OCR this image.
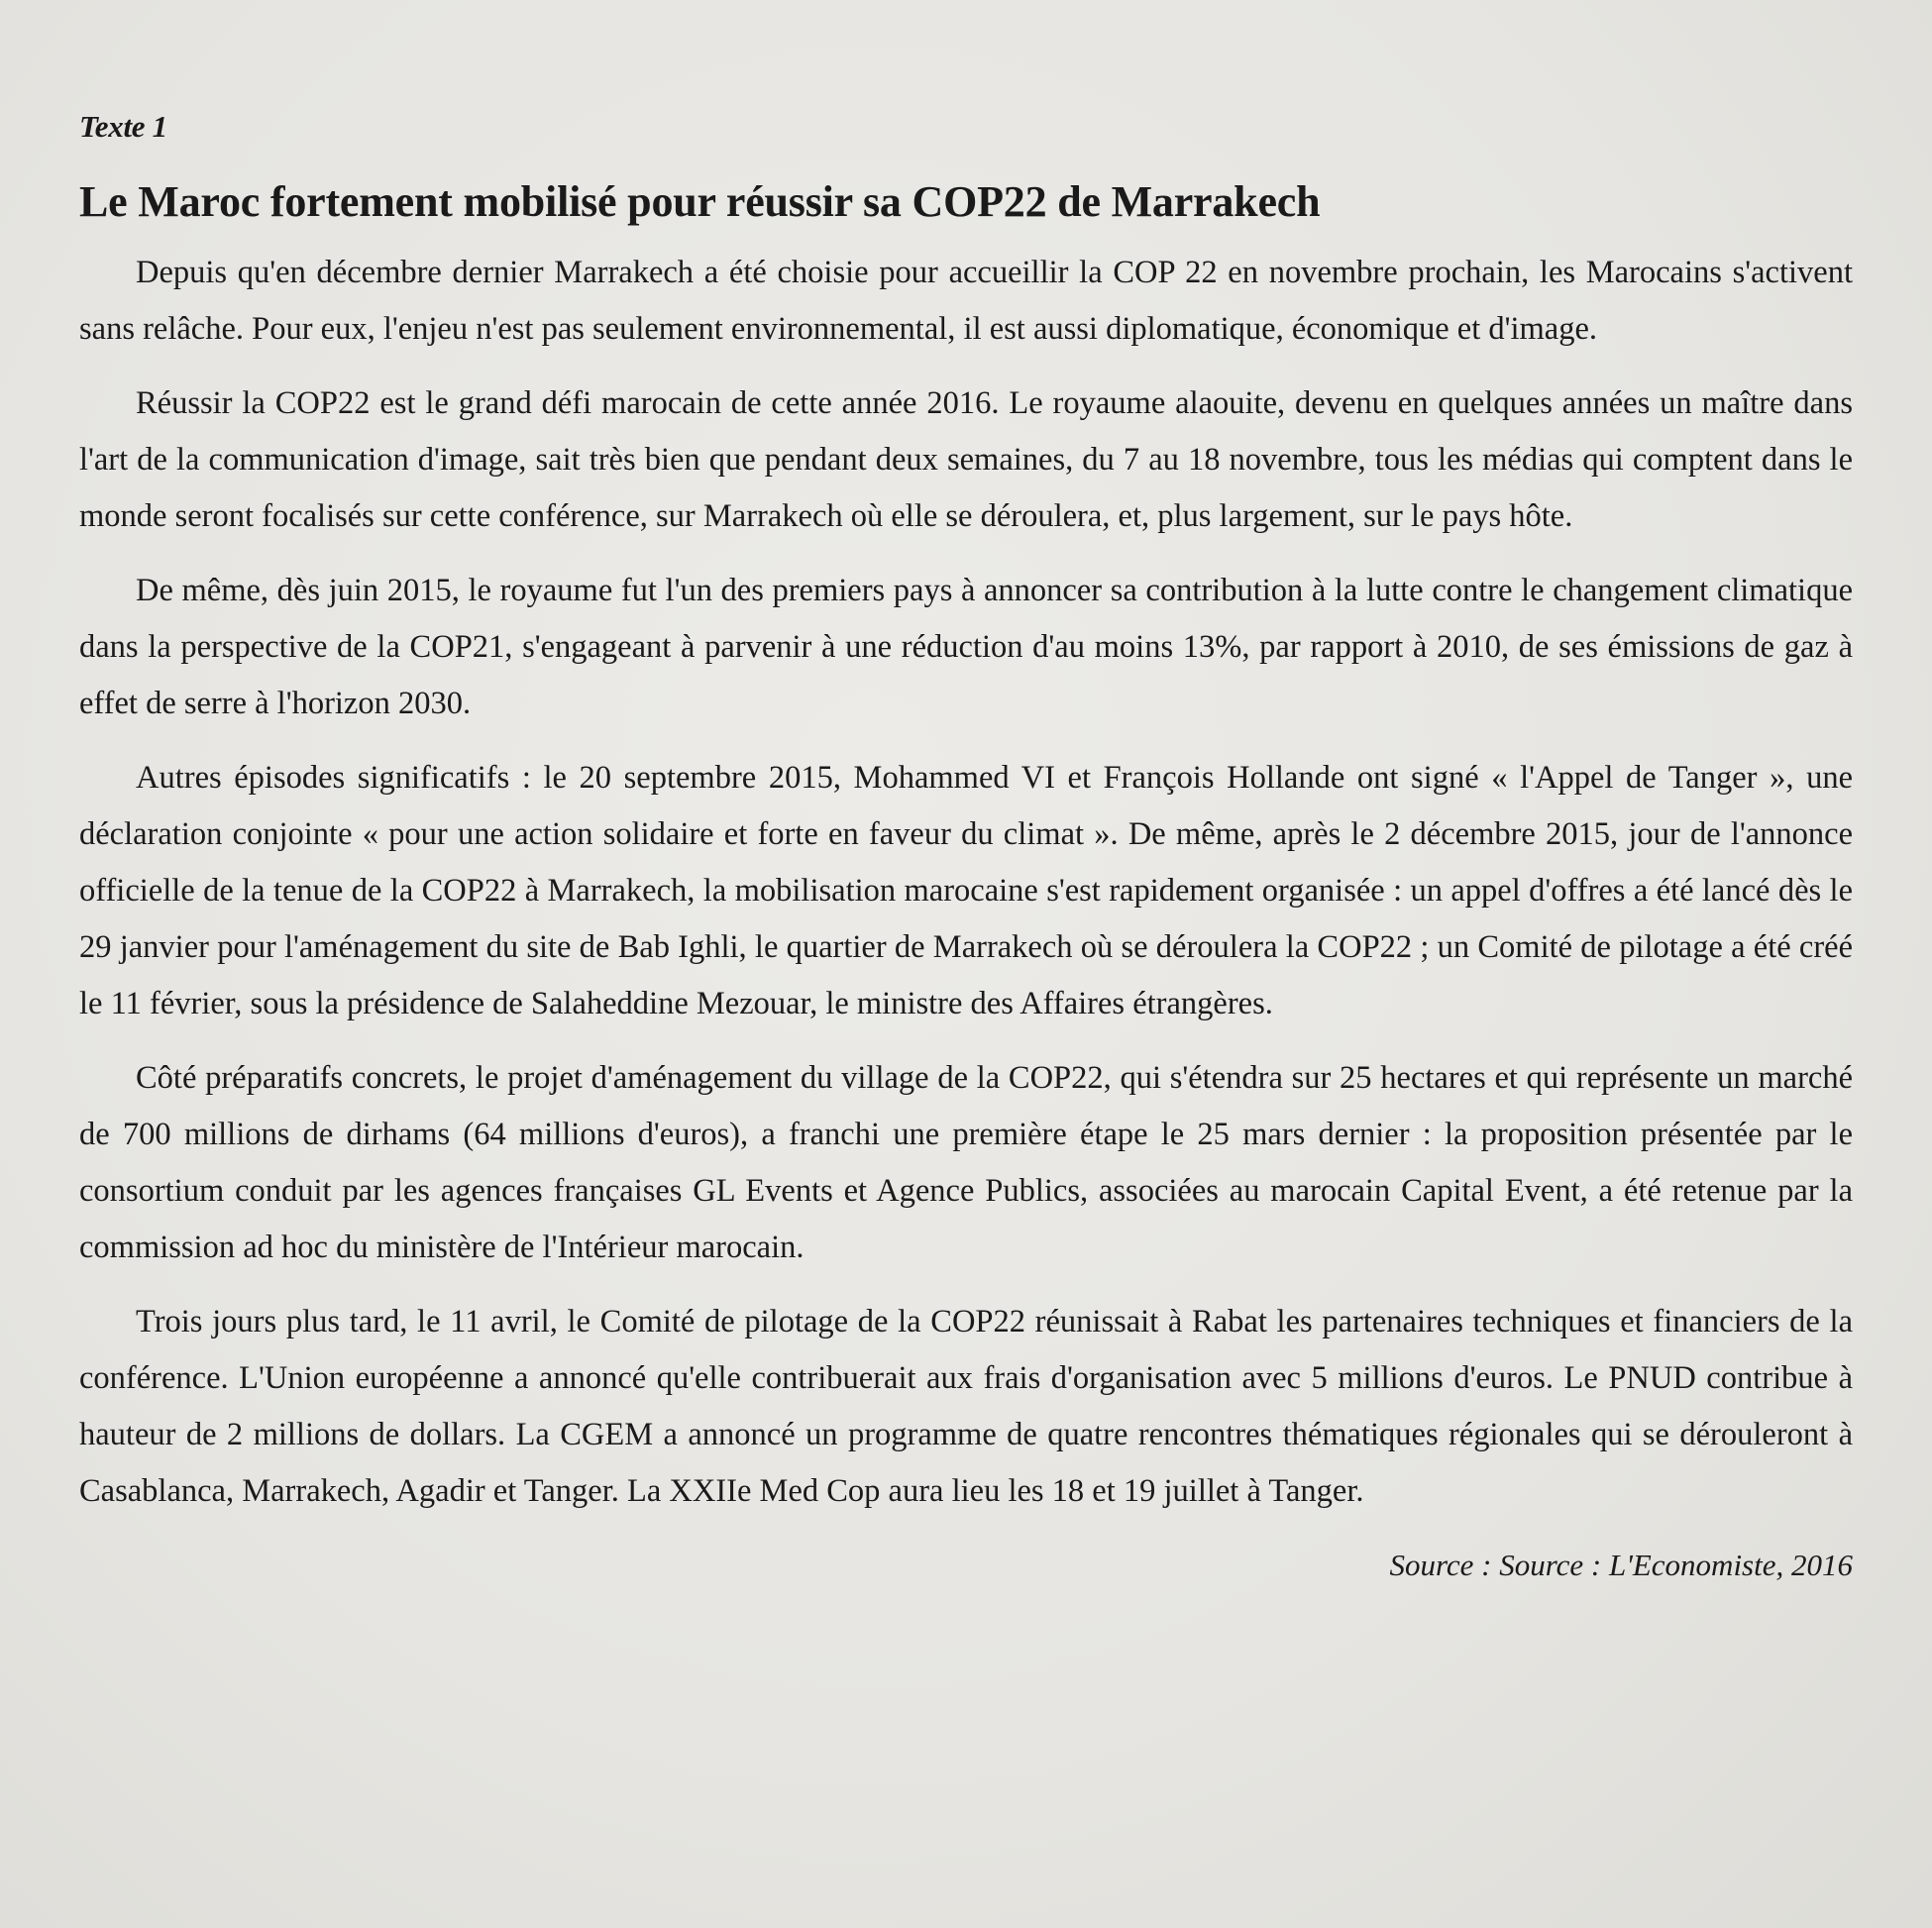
Texte 1

Le Maroc fortement mobilisé pour réussir sa COP22 de Marrakech

Depuis qu'en décembre dernier Marrakech a été choisie pour accueillir la COP 22 en novembre prochain, les Marocains s'activent sans relâche. Pour eux, l'enjeu n'est pas seulement environnemental, il est aussi diplomatique, économique et d'image.

Réussir la COP22 est le grand défi marocain de cette année 2016. Le royaume alaouite, devenu en quelques années un maître dans l'art de la communication d'image, sait très bien que pendant deux semaines, du 7 au 18 novembre, tous les médias qui comptent dans le monde seront focalisés sur cette conférence, sur Marrakech où elle se déroulera, et, plus largement, sur le pays hôte.

De même, dès juin 2015, le royaume fut l'un des premiers pays à annoncer sa contribution à la lutte contre le changement climatique dans la perspective de la COP21, s'engageant à parvenir à une réduction d'au moins 13%, par rapport à 2010, de ses émissions de gaz à effet de serre à l'horizon 2030.

Autres épisodes significatifs : le 20 septembre 2015, Mohammed VI et François Hollande ont signé « l'Appel de Tanger », une déclaration conjointe « pour une action solidaire et forte en faveur du climat ». De même, après le 2 décembre 2015, jour de l'annonce officielle de la tenue de la COP22 à Marrakech, la mobilisation marocaine s'est rapidement organisée : un appel d'offres a été lancé dès le 29 janvier pour l'aménagement du site de Bab Ighli, le quartier de Marrakech où se déroulera la COP22 ; un Comité de pilotage a été créé le 11 février, sous la présidence de Salaheddine Mezouar, le ministre des Affaires étrangères.

Côté préparatifs concrets, le projet d'aménagement du village de la COP22, qui s'étendra sur 25 hectares et qui représente un marché de 700 millions de dirhams (64 millions d'euros), a franchi une première étape le 25 mars dernier : la proposition présentée par le consortium conduit par les agences françaises GL Events et Agence Publics, associées au marocain Capital Event, a été retenue par la commission ad hoc du ministère de l'Intérieur marocain.

Trois jours plus tard, le 11 avril, le Comité de pilotage de la COP22 réunissait à Rabat les partenaires techniques et financiers de la conférence. L'Union européenne a annoncé qu'elle contribuerait aux frais d'organisation avec 5 millions d'euros. Le PNUD contribue à hauteur de 2 millions de dollars. La CGEM a annoncé un programme de quatre rencontres thématiques régionales qui se dérouleront à Casablanca, Marrakech, Agadir et Tanger. La XXIIe Med Cop aura lieu les 18 et 19 juillet à Tanger.

Source : Source : L'Economiste, 2016
